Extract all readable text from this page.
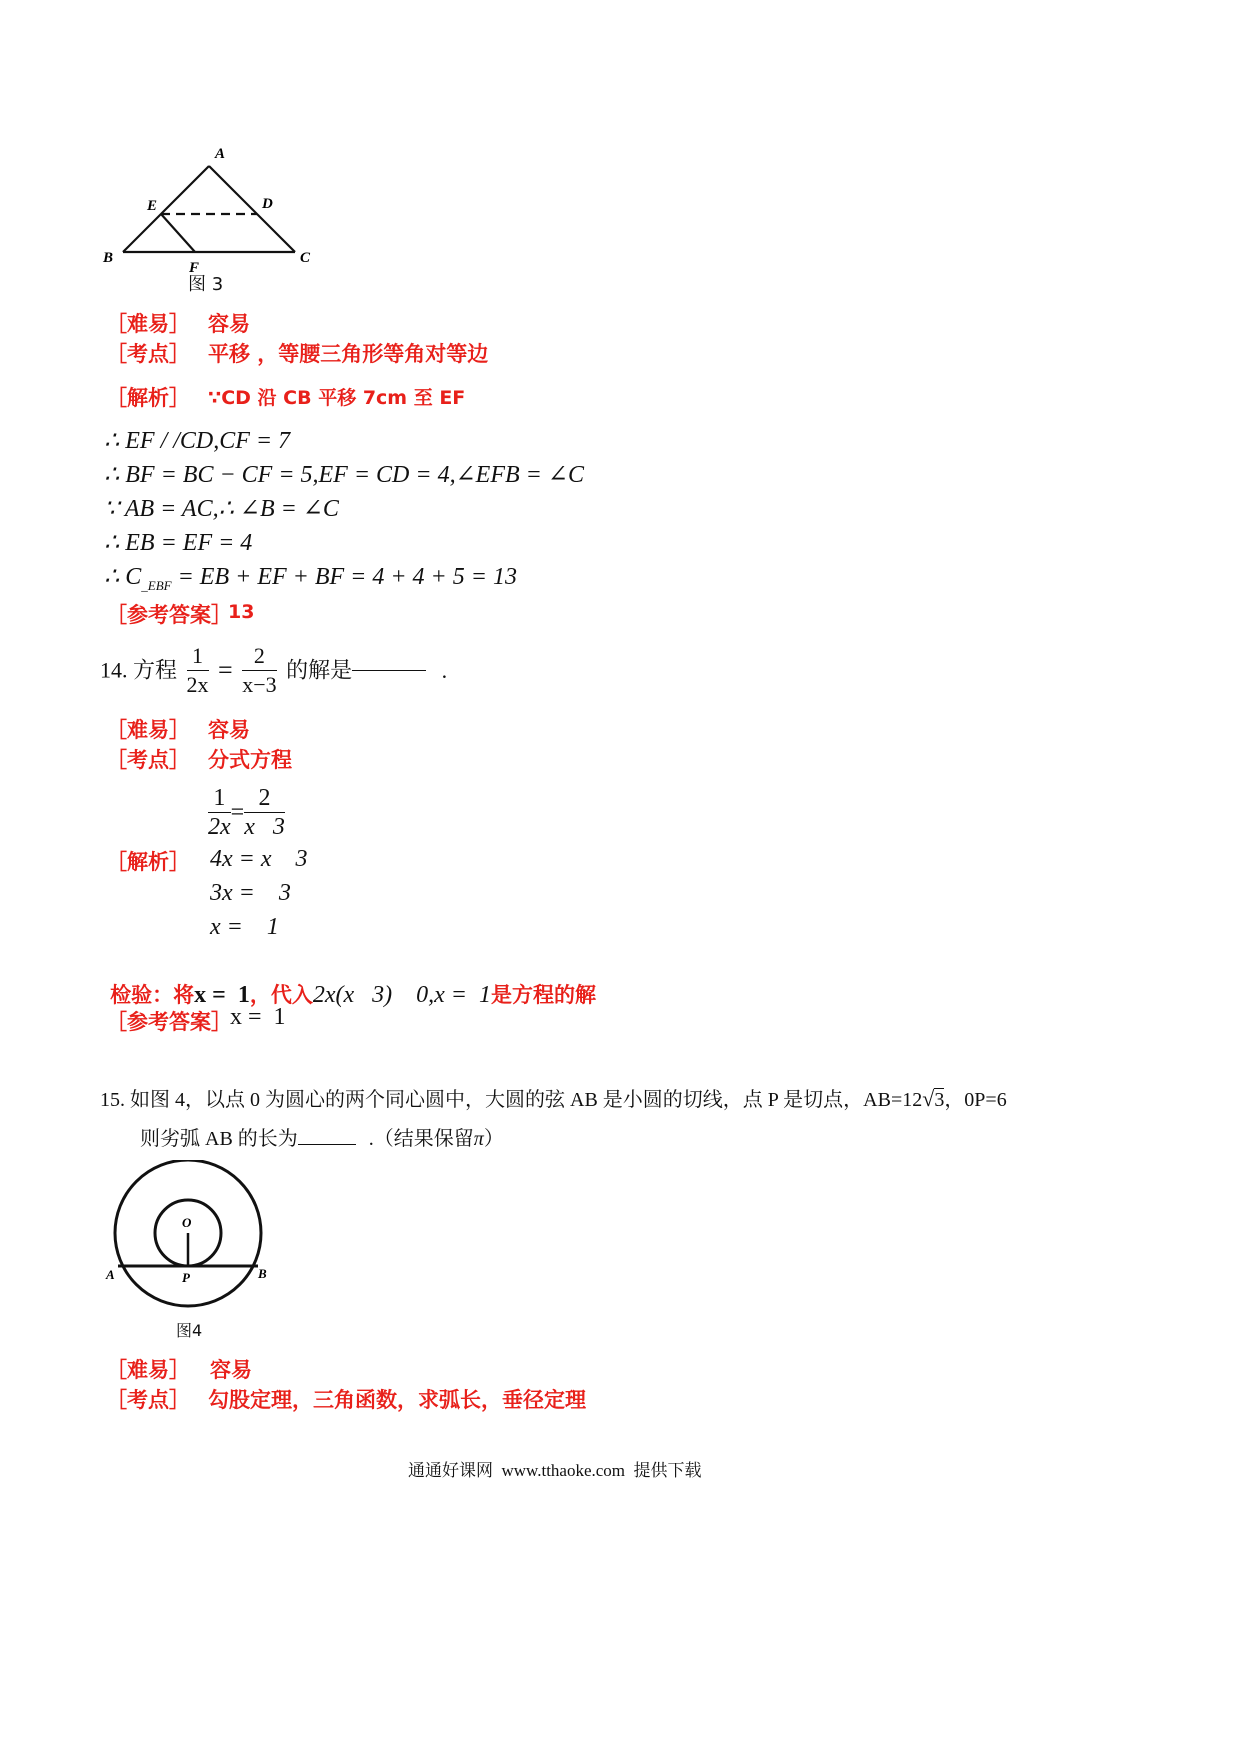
A
E	D
B	C
F
图 3
［难易］ 容易
［考点］ 平移 ，等腰三角形等角对等边
［解析］ ∵CD 沿 CB 平移 7cm 至 EF
∴ EF / /CD,CF = 7
∴ BF = BC − CF = 5,EF = CD = 4,∠EFB = ∠C
∵ AB = AC,∴ ∠B = ∠C
∴ EB = EF = 4
∴ $C_{\_EBF}$ = EB + EF + BF = 4 + 4 + 5 = 13
［参考答案］
13
14. 方程 $\frac{1}{2x} = \frac{2}{x-3}$ 的解是	.
［难易］ 容易
［考点］ 分式方程
$\frac{1}{2x} = \frac{2}{x 3}$
［解析］ 4x = x    3
3x =    3
x =    1

检验：将x =  1，代入2x(x   3)    0,x =  1是方程的解

［参考答案］
x =  1
15. 如图 4，以点 0 为圆心的两个同心圆中，大圆的弦 AB 是小圆的切线，点 P 是切点，AB=12√3，0P=6
则劣弧 AB 的长为	.（结果保留π）
O
A	B
P
图4
［难易］ 容易
［考点］ 勾股定理，三角函数，求弧长，垂径定理
通通好课网  www.tthaoke.com  提供下载
